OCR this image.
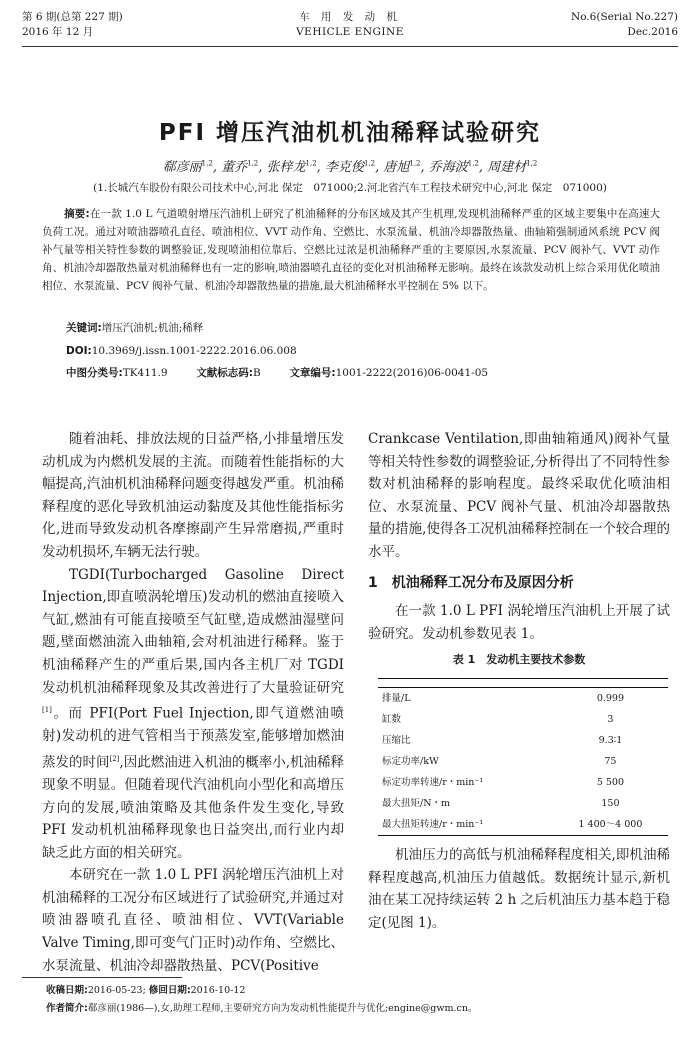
第 6 期(总第 227 期)
2016 年 12 月
车 用 发 动 机
VEHICLE ENGINE
No.6(Serial No.227)
Dec.2016
PFI 增压汽油机机油稀释试验研究
郗彦丽$^{1,2}$, 董乔$^{1,2}$, 张梓龙$^{1,2}$, 李克俊$^{1,2}$, 唐旭$^{1,2}$, 乔海波$^{1,2}$, 周建材$^{1,2}$
(1.长城汽车股份有限公司技术中心,河北 保定　071000;2.河北省汽车工程技术研究中心,河北 保定　071000)
摘要:在一款 1.0 L 气道喷射增压汽油机上研究了机油稀释的分布区域及其产生机理,发现机油稀释严重的区域主要集中在高速大负荷工况。通过对喷油器喷孔直径、喷油相位、VVT 动作角、空燃比、水泵流量、机油冷却器散热量、曲轴箱强制通风系统 PCV 阀补气量等相关特性参数的调整验证,发现喷油相位靠后、空燃比过浓是机油稀释严重的主要原因,水泵流量、PCV 阀补气、VVT 动作角、机油冷却器散热量对机油稀释也有一定的影响,喷油器喷孔直径的变化对机油稀释无影响。最终在该款发动机上综合采用优化喷油相位、水泵流量、PCV 阀补气量、机油冷却器散热量的措施,最大机油稀释水平控制在 5% 以下。
关键词:增压汽油机;机油;稀释
DOI:10.3969/j.issn.1001-2222.2016.06.008
中图分类号:TK411.9	文献标志码:B	文章编号:1001-2222(2016)06-0041-05

随着油耗、排放法规的日益严格,小排量增压发动机成为内燃机发展的主流。而随着性能指标的大幅提高,汽油机机油稀释问题变得越发严重。机油稀释程度的恶化导致机油运动黏度及其他性能指标劣化,进而导致发动机各摩擦副产生异常磨损,严重时发动机损坏,车辆无法行驶。

TGDI(Turbocharged Gasoline Direct Injection,即直喷涡轮增压)发动机的燃油直接喷入气缸,燃油有可能直接喷至气缸壁,造成燃油湿壁问题,壁面燃油流入曲轴箱,会对机油进行稀释。鉴于机油稀释产生的严重后果,国内各主机厂对 TGDI 发动机机油稀释现象及其改善进行了大量验证研究[1]。而 PFI(Port Fuel Injection,即气道燃油喷射)发动机的进气管相当于预蒸发室,能够增加燃油蒸发的时间[2],因此燃油进入机油的概率小,机油稀释现象不明显。但随着现代汽油机向小型化和高增压方向的发展,喷油策略及其他条件发生变化,导致 PFI 发动机机油稀释现象也日益突出,而行业内却缺乏此方面的相关研究。

本研究在一款 1.0 L PFI 涡轮增压汽油机上对机油稀释的工况分布区域进行了试验研究,并通过对喷油器喷孔直径、喷油相位、VVT(Variable Valve Timing,即可变气门正时)动作角、空燃比、水泵流量、机油冷却器散热量、PCV(Positive

Crankcase Ventilation,即曲轴箱通风)阀补气量等相关特性参数的调整验证,分析得出了不同特性参数对机油稀释的影响程度。最终采取优化喷油相位、水泵流量、PCV 阀补气量、机油冷却器散热量的措施,使得各工况机油稀释控制在一个较合理的水平。

1　机油稀释工况分布及原因分析

在一款 1.0 L PFI 涡轮增压汽油机上开展了试验研究。发动机参数见表 1。

表 1　发动机主要技术参数

排量/L	0.999
缸数	3
压缩比	9.3∶1
标定功率/kW	75
标定功率转速/r・min⁻¹	5 500
最大扭矩/N・m	150
最大扭矩转速/r・min⁻¹	1 400～4 000

机油压力的高低与机油稀释程度相关,即机油稀释程度越高,机油压力值越低。数据统计显示,新机油在某工况持续运转 2 h 之后机油压力基本趋于稳定(见图 1)。

收稿日期:2016-05-23; 修回日期:2016-10-12
作者简介:郗彦丽(1986—),女,助理工程师,主要研究方向为发动机性能提升与优化;engine@gwm.cn。
